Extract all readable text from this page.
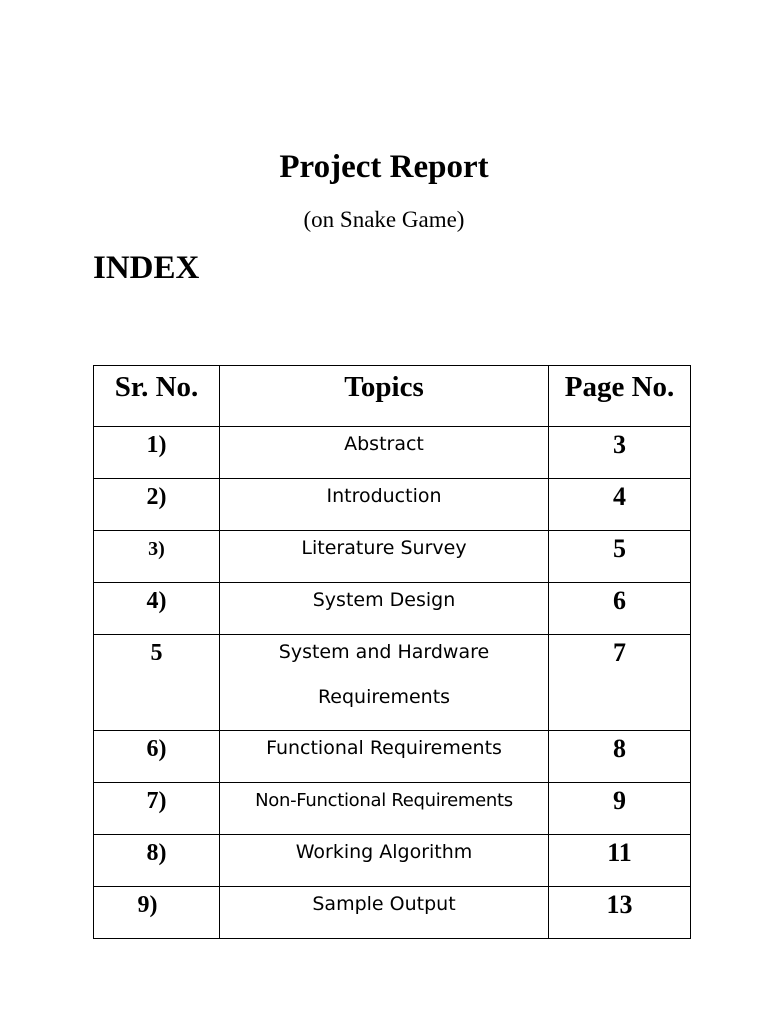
Project Report
(on Snake Game)
INDEX
Sr. No.	Topics	Page No.

1)	Abstract	3

2)	Introduction	4

3)	Literature Survey	5

4)	System Design	6

5	System and Hardware Requirements	7

6)	Functional Requirements	8

7)	Non-Functional Requirements	9

8)	Working Algorithm	11

9)	Sample Output	13
